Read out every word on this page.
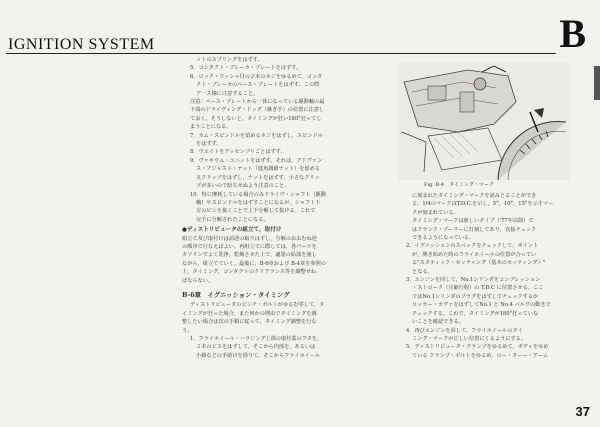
IGNITION SYSTEM	B

ットのスプリングをはずす。

5．コンタクト・ブレーカ・プレートをはずす。

6．ロック・ワッシャ付の２本のネジをゆるめて，コンタ

クト・ブレーカのベース・プレートをはずす。この際

ア一ス線に注意すること。

注意：ベース・プレートから一体になっている駆動軸の最

下端のドライヴィング・ドッグ（継ぎ手）の位置に注意し

ておく。そうしないと，タイミングが狂い180°狂ってし

まうことになる。

7．カム・スピンドルを留めるネジをはずし，スピンドル

をはずす。

8．ウエイトをアッセンブリごとはずす。

9．ヴァキウム・ユニットをはずす。それは，アドヴァン

ス・アジャスト・ナット（進角調節ナット）を留める

丸クリップをはずし，ナットをはずす。小さなクリッ

プが多いので紛失せぬよう注意のこと。

10．特に摩耗している場合のみドライヴ・シャフト（駆動

軸）やスピンドルをはずすことになるが，シャフト下

方のピンを抜くことで上下分解して抜ける。これで

完全に分解されたことになる。

●ディストリビュータの組立て，取付け

組立て及び取付けは前述の取りはずし，分解のおおむね逆

の順序で行なえばよい。再組立てに際しては，各パーツを

ガソリンでよく洗浄，乾燥させた上で，適量の給油を施し

ながら，組立てていく。最後に，B-6章および B-4章を参照の

上，タイミング，コンタクトのクリアランス等を調整せね

ばならない。

B-6章　イグニッション・タイミング

ディストリビュータのピンチ・ボルトがゆるむ等して，タ

イミングが狂った場合，また何かの理由でタイミングを調

整したい場合は次の手順に従って，タイミング調整を行な

う。

1．フライホイール・ハウジング上部の取付蓋のフタを，

２本のビスをはずして，そこから内部を，あるいは

小鏡などの手助けを借りて，そこからフライホイール

Fig. B-4　タイミング・マーク

に刻まれたタイミング・マークを読みとることができ

る。1/4のマークはT.D.C.を示し，5°，10°，15°を示すマー

クが刻まれている。

タイミング・マークは新しいタイプ（'77年以降）で

はクランク・プーリーに打刻してあり，直接チェック

できるようになっている。

2．イグニッションのスペックをチェックして，ポイント

が，開き始めた時のフライホイールの位置が合ってい

る"スタティック・セッティング（基本のセッティング）"

となる。

3．エンジンを回して，No.1シリンダをコンプレッション

・ストローク（圧縮行程）の T.D.C に位置させる。ここ

ではNo.1シリンダのプラグをはずしてチェックするか

ロッカー・カヴァをはずしてNo.1 と No.4 バルヴの動きで

チェックする。これで，タイミングが180°狂っていな

いことを確認できる。

4．再びエンジンを回して，フライホイールのタイ

ミング・マークが正しい位置にくるようにする。

5．ディストリビュータ・クランプをゆるめて，ボディをゆめ

ている クランプ・ボルトをゆるめ，ロー・ターー・アーム

37
